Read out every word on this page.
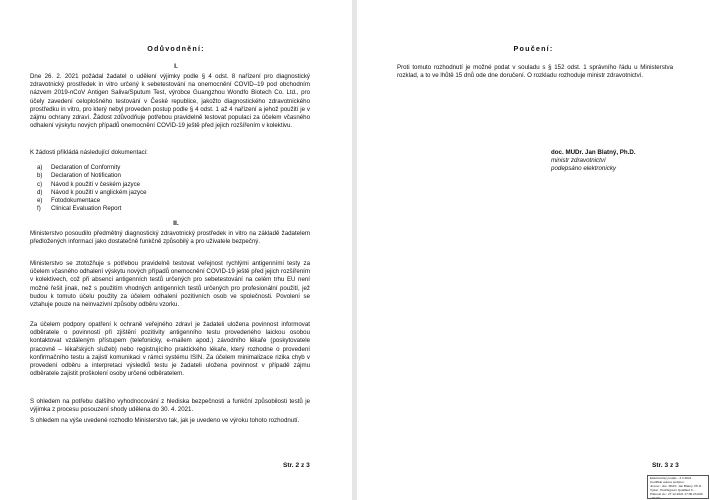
Odůvodnění:
I.

Dne 26. 2. 2021 požádal žadatel o udělení výjimky podle § 4 odst. 8 nařízení pro diagnostický zdravotnický prostředek in vitro určený k sebetestování na onemocnění COVID–19 pod obchodním názvem 2019-nCoV Antigen Saliva/Sputum Test, výrobce Guangzhou Wondfo Biotech Co. Ltd., pro účely zavedení celoplošného testování v České republice, jakožto diagnostického zdravotnického prostředku in vitro, pro který nebyl proveden postup podle § 4 odst. 1 až 4 nařízení a jehož použití je v zájmu ochrany zdraví. Žádost zdůvodňuje potřebou pravidelně testovat populaci za účelem včasného odhalení výskytu nových případů onemocnění COVID-19 ještě před jejich rozšířením v kolektivu.

K žádosti přikládá následující dokumentaci:

a)	Declaration of Conformity
b)	Declaration of Notification
c)	Návod k použití v českém jazyce
d)	Návod k použití v anglickém jazyce
e)	Fotodokumentace
f)	Clinical Evaluation Report
II.

Ministerstvo posoudilo předmětný diagnostický zdravotnický prostředek in vitro na základě žadatelem předložených informací jako dostatečně funkčně způsobilý a pro uživatele bezpečný.

Ministerstvo se ztotožňuje s potřebou pravidelně testovat veřejnost rychlými antigenními testy za účelem včasného odhalení výskytu nových případů onemocnění COVID-19 ještě před jejich rozšířením v kolektivech, což při absenci antigenních testů určených pro sebetestování na celém trhu EU není možné řešit jinak, než s použitím vhodných antigenních testů určených pro profesionální použití, jež budou k tomuto účelu použity za účelem odhalení pozitivních osob ve společnosti. Povolení se vztahuje pouze na neinvazivní způsoby odběru vzorku.

Za účelem podpory opatření k ochraně veřejného zdraví je žadateli uložena povinnost informovat odběratele o povinnosti při zjištění pozitivity antigenního testu provedeného laickou osobou kontaktovat vzdáleným přístupem (telefonicky, e-mailem apod.) závodního lékaře (poskytovatele pracovně – lékařských služeb) nebo registrujícího praktického lékaře, který rozhodne o provedení konfirmačního testu a zajistí komunikaci v rámci systému ISIN. Za účelem minimalizace rizika chyb v provedení odběru a interpretaci výsledků testu je žadateli uložena povinnost v případě zájmu odběratele zajistit proškolení osoby určené odběratelem.

S ohledem na potřebu dalšího vyhodnocování z hlediska bezpečnosti a funkční způsobilosti testů je výjimka z procesu posouzení shody udělena do 30. 4. 2021.

S ohledem na výše uvedené rozhodlo Ministerstvo tak, jak je uvedeno ve výroku tohoto rozhodnutí.

Str. 2 z 3
Poučení:

Proti tomuto rozhodnutí je možné podat v souladu s § 152 odst. 1 správního řádu u Ministerstva rozklad, a to ve lhůtě 15 dnů ode dne doručení. O rozkladu rozhoduje ministr zdravotnictví.

doc. MUDr. Jan Blatný, Ph.D.
ministr zdravotnictví
podepsáno elektronicky
Str. 3 z 3
Elektronický podpis - 4.3.2021
Certifikát autora podpisu :
Jméno : doc. MUDr. Jan Blatný, Ph.D.
Vydal : PostSignum Qualified C...
Platnost do : 27.12.2021 17:06:23-000 +01:00
